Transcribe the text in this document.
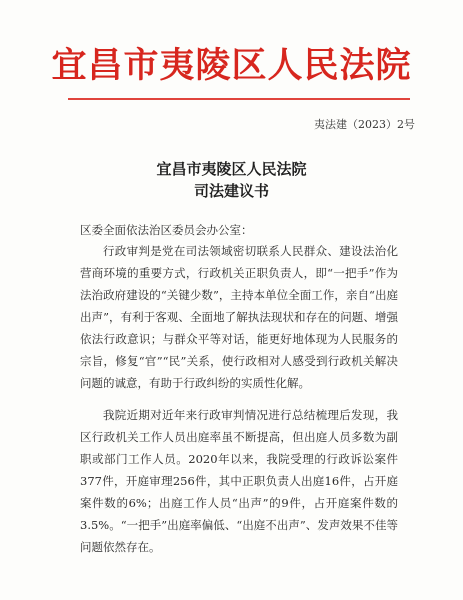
宜昌市夷陵区人民法院
夷法建（2023）2号
宜昌市夷陵区人民法院
司法建议书
区委全面依法治区委员会办公室：

行政审判是党在司法领域密切联系人民群众、建设法治化营商环境的重要方式，行政机关正职负责人，即“一把手”作为法治政府建设的“关键少数”，主持本单位全面工作，亲自“出庭出声”，有利于客观、全面地了解执法现状和存在的问题、增强依法行政意识；与群众平等对话，能更好地体现为人民服务的宗旨，修复“官”“民”关系，使行政相对人感受到行政机关解决问题的诚意，有助于行政纠纷的实质性化解。

我院近期对近年来行政审判情况进行总结梳理后发现，我区行政机关工作人员出庭率虽不断提高，但出庭人员多数为副职或部门工作人员。2020年以来，我院受理的行政诉讼案件377件，开庭审理256件，其中正职负责人出庭16件，占开庭案件数的6%；出庭工作人员“出声”的9件，占开庭案件数的3.5%。“一把手”出庭率偏低、“出庭不出声”、发声效果不佳等问题依然存在。
